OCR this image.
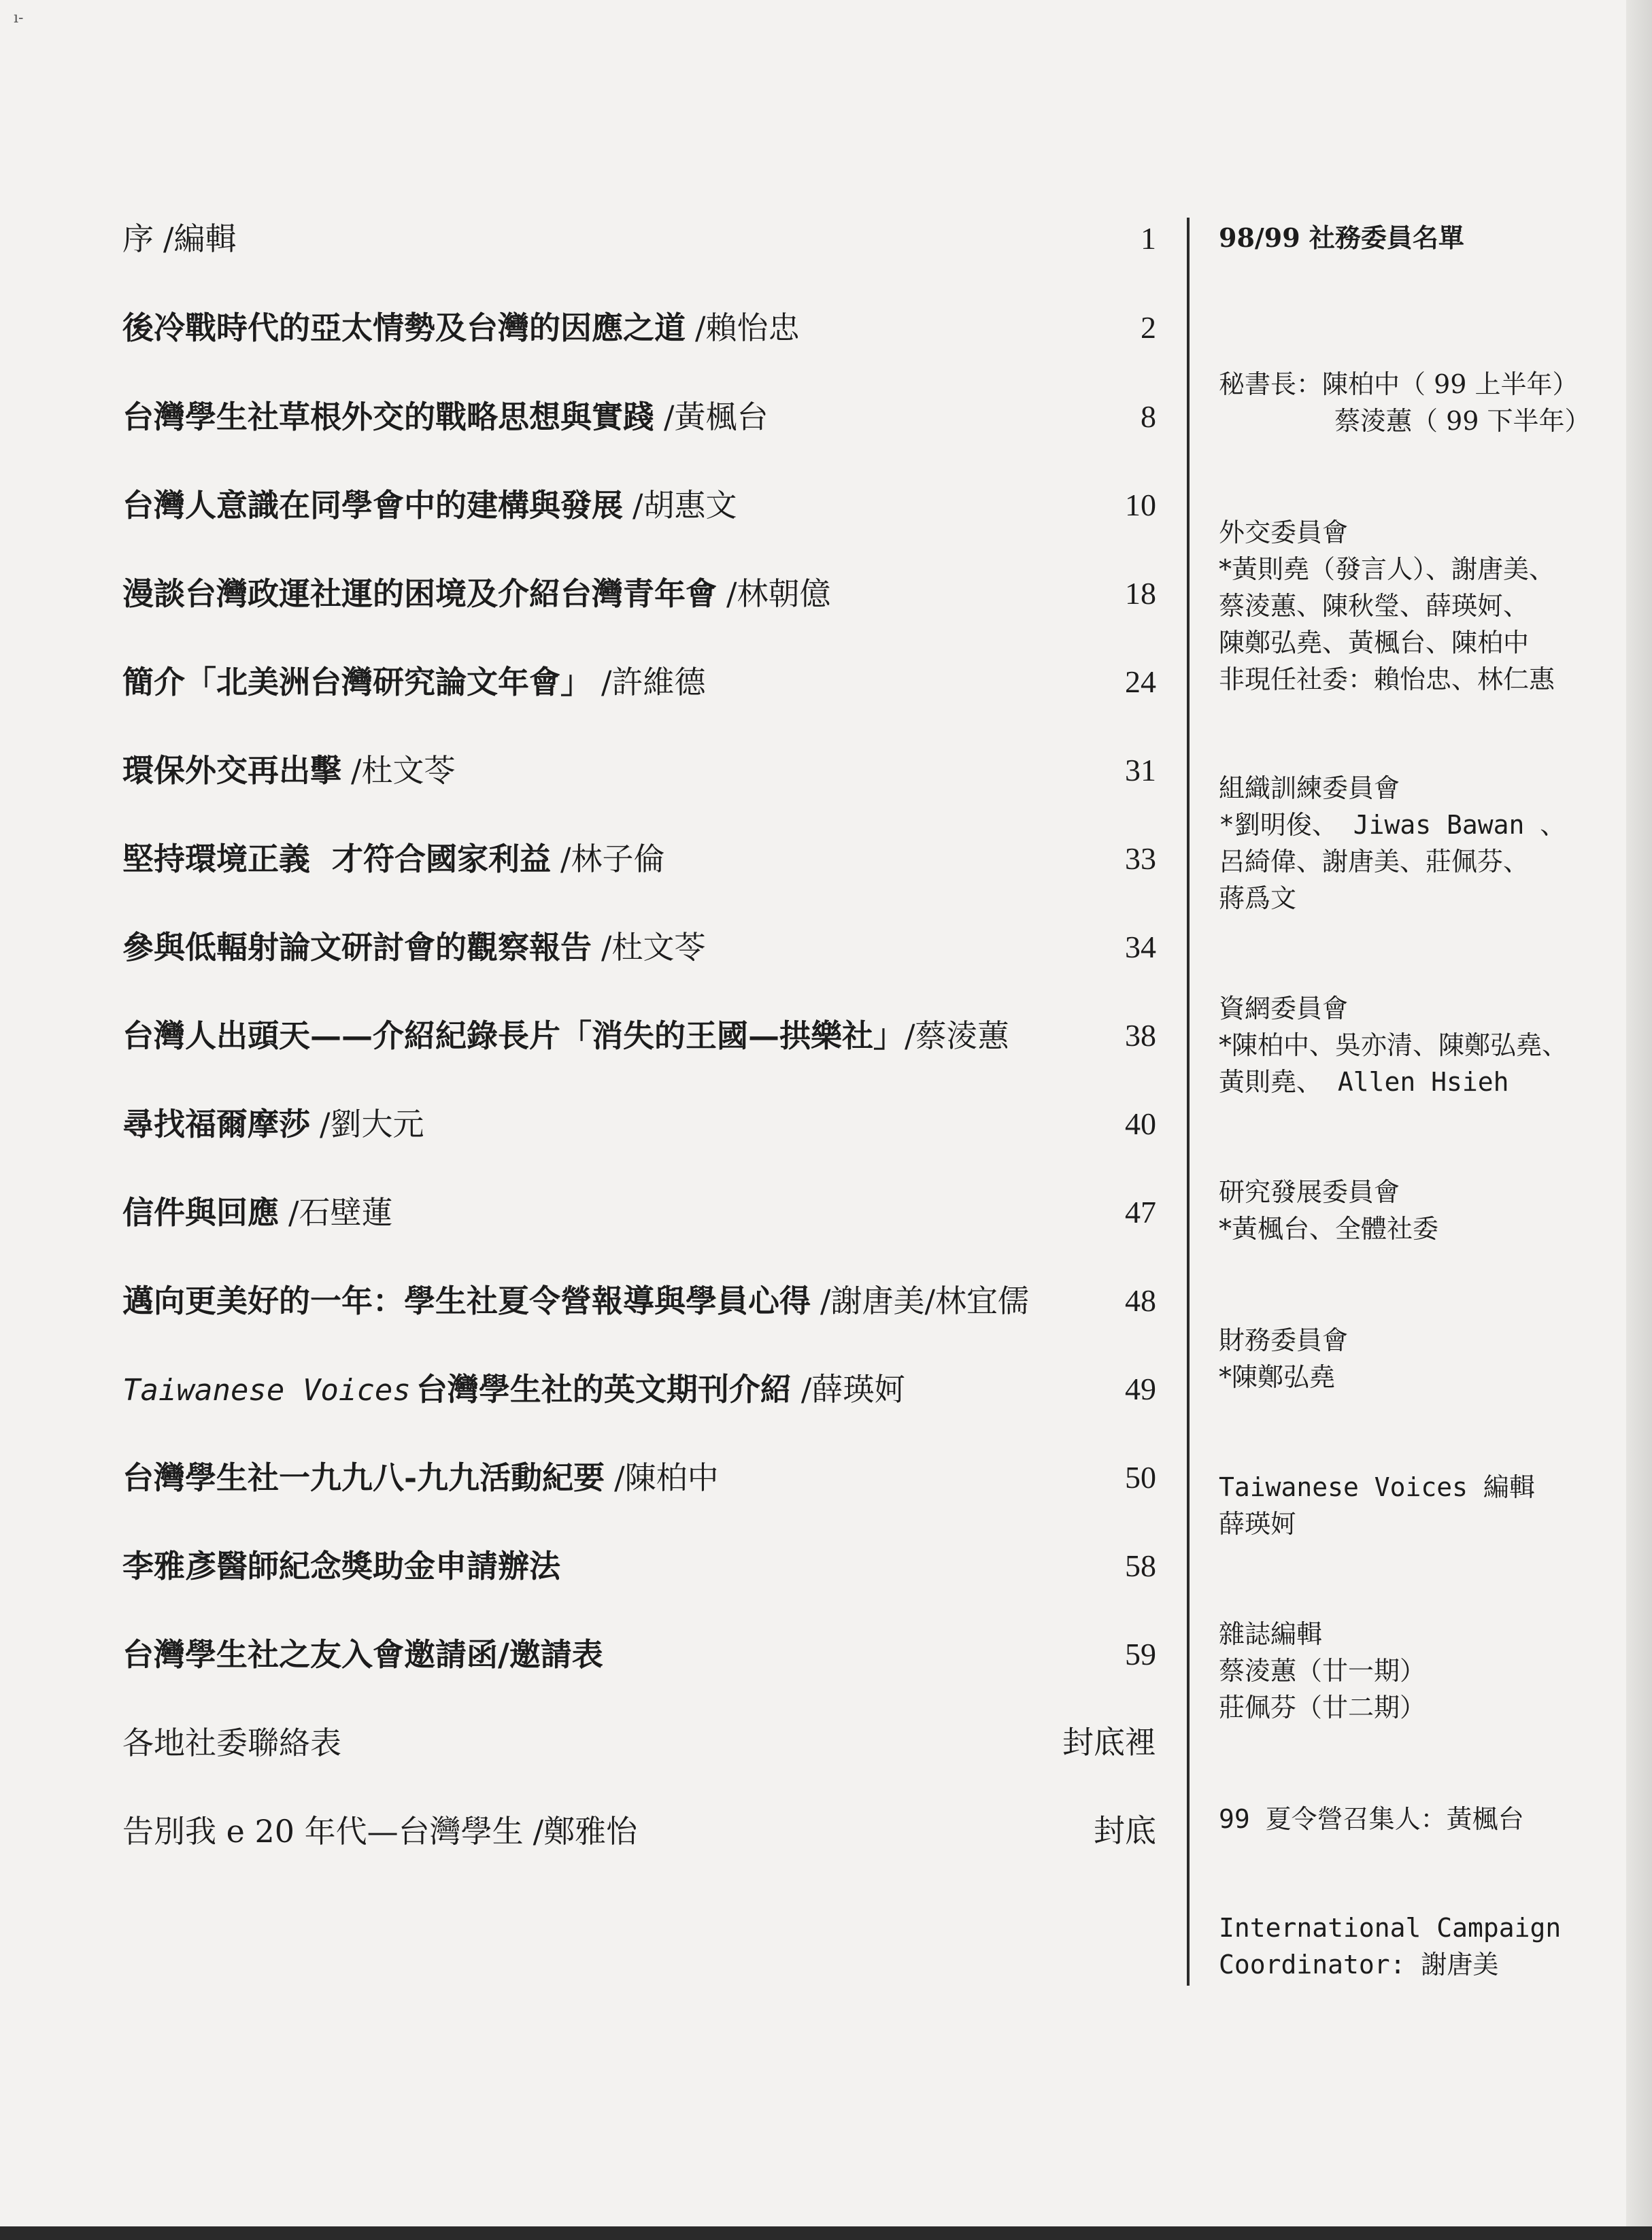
ı-
序 /編輯	1
後冷戰時代的亞太情勢及台灣的因應之道 /賴怡忠	2
台灣學生社草根外交的戰略思想與實踐 /黃楓台	8
台灣人意識在同學會中的建構與發展 /胡惠文	10
漫談台灣政運社運的困境及介紹台灣青年會 /林朝億	18
簡介「北美洲台灣研究論文年會」 /許維德	24
環保外交再出擊 /杜文苓	31
堅持環境正義  才符合國家利益 /林子倫	33
參與低輻射論文研討會的觀察報告 /杜文苓	34
台灣人出頭天——介紹紀錄長片「消失的王國—拱樂社」/蔡淩蕙	38
尋找福爾摩莎 /劉大元	40
信件與回應 /石壁蓮	47
邁向更美好的一年：學生社夏令營報導與學員心得 /謝唐美/林宜儒	48
Taiwanese Voices 台灣學生社的英文期刊介紹 /薛瑛妸	49
台灣學生社一九九八-九九活動紀要 /陳柏中	50
李雅彥醫師紀念獎助金申請辦法	58
台灣學生社之友入會邀請函/邀請表	59
各地社委聯絡表	封底裡
告別我 e 20 年代—台灣學生 /鄭雅怡	封底
98/99 社務委員名單
秘書長：陳柏中（ 99 上半年）
蔡淩蕙（ 99 下半年）
外交委員會
*黃則堯（發言人）、謝唐美、
蔡淩蕙、陳秋瑩、薛瑛妸、
陳鄭弘堯、黃楓台、陳柏中
非現任社委：賴怡忠、林仁惠
組織訓練委員會
*劉明俊、 Jiwas Bawan 、
呂綺偉、謝唐美、莊佩芬、
蔣爲文
資網委員會
*陳柏中、吳亦清、陳鄭弘堯、
黃則堯、 Allen Hsieh
研究發展委員會
*黃楓台、全體社委
財務委員會
*陳鄭弘堯
Taiwanese Voices 編輯
薛瑛妸
雜誌編輯
蔡淩蕙（廿一期）
莊佩芬（廿二期）
99 夏令營召集人：黃楓台
International Campaign
Coordinator: 謝唐美
